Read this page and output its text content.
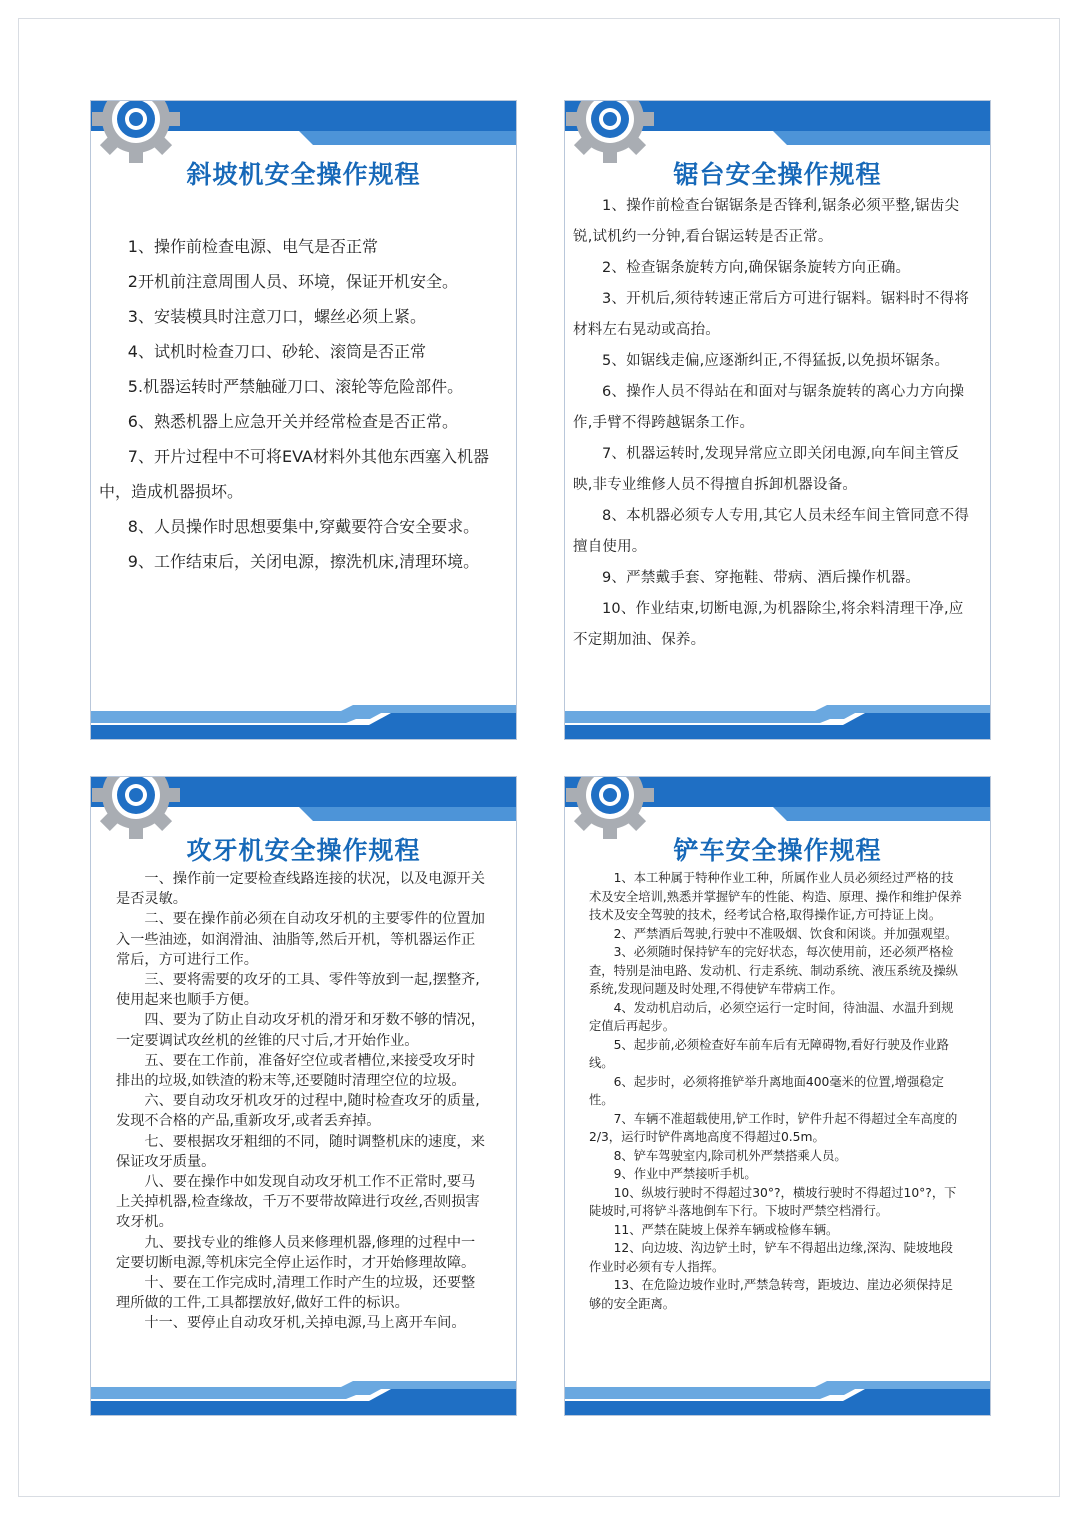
斜坡机安全操作规程
1、操作前检查电源、电气是否正常
2开机前注意周围人员、环境，保证开机安全。
3、安装模具时注意刀口，螺丝必须上紧。
4、试机时检查刀口、砂轮、滚筒是否正常
5.机器运转时严禁触碰刀口、滚轮等危险部件。
6、熟悉机器上应急开关并经常检查是否正常。
7、开片过程中不可将EVA材料外其他东西塞入机器中，造成机器损坏。
8、人员操作时思想要集中,穿戴要符合安全要求。
9、工作结束后，关闭电源，擦洗机床,清理环境。
锯台安全操作规程
1、操作前检查台锯锯条是否锋利,锯条必须平整,锯齿尖锐,试机约一分钟,看台锯运转是否正常。
2、检查锯条旋转方向,确保锯条旋转方向正确。
3、开机后,须待转速正常后方可进行锯料。锯料时不得将材料左右晃动或高抬。
5、如锯线走偏,应逐渐纠正,不得猛扳,以免损坏锯条。
6、操作人员不得站在和面对与锯条旋转的离心力方向操作,手臂不得跨越锯条工作。
7、机器运转时,发现异常应立即关闭电源,向车间主管反映,非专业维修人员不得擅自拆卸机器设备。
8、本机器必须专人专用,其它人员未经车间主管同意不得擅自使用。
9、严禁戴手套、穿拖鞋、带病、酒后操作机器。
10、作业结束,切断电源,为机器除尘,将余料清理干净,应不定期加油、保养。
攻牙机安全操作规程
一、操作前一定要检查线路连接的状况，以及电源开关是否灵敏。
二、要在操作前必须在自动攻牙机的主要零件的位置加入一些油迹，如润滑油、油脂等,然后开机，等机器运作正常后，方可进行工作。
三、要将需要的攻牙的工具、零件等放到一起,摆整齐,使用起来也顺手方便。
四、要为了防止自动攻牙机的滑牙和牙数不够的情况，一定要调试攻丝机的丝锥的尺寸后,才开始作业。
五、要在工作前，准备好空位或者槽位,来接受攻牙时排出的垃圾,如铁渣的粉末等,还要随时清理空位的垃圾。
六、要自动攻牙机攻牙的过程中,随时检查攻牙的质量,发现不合格的产品,重新攻牙,或者丢弃掉。
七、要根据攻牙粗细的不同，随时调整机床的速度，来保证攻牙质量。
八、要在操作中如发现自动攻牙机工作不正常时,要马上关掉机器,检查缘故，千万不要带故障进行攻丝,否则损害攻牙机。
九、要找专业的维修人员来修理机器,修理的过程中一定要切断电源,等机床完全停止运作时，才开始修理故障。
十、要在工作完成时,清理工作时产生的垃圾，还要整理所做的工件,工具都摆放好,做好工件的标识。
十一、要停止自动攻牙机,关掉电源,马上离开车间。
铲车安全操作规程
1、本工种属于特种作业工种，所属作业人员必须经过严格的技术及安全培训,熟悉并掌握铲车的性能、构造、原理、操作和维护保养技术及安全驾驶的技术，经考试合格,取得操作证,方可持证上岗。
2、严禁酒后驾驶,行驶中不准吸烟、饮食和闲谈。并加强观望。
3、必须随时保持铲车的完好状态，每次使用前，还必须严格检查，特别是油电路、发动机、行走系统、制动系统、液压系统及操纵系统,发现问题及时处理,不得使铲车带病工作。
4、发动机启动后，必须空运行一定时间，待油温、水温升到规定值后再起步。
5、起步前,必须检查好车前车后有无障碍物,看好行驶及作业路线。
6、起步时，必须将推铲举升离地面400毫米的位置,增强稳定性。
7、车辆不准超载使用,铲工作时，铲件升起不得超过全车高度的2/3，运行时铲件离地高度不得超过0.5m。
8、铲车驾驶室内,除司机外严禁搭乘人员。
9、作业中严禁接听手机。
10、纵坡行驶时不得超过30°?，横坡行驶时不得超过10°?，下陡坡时,可将铲斗落地倒车下行。下坡时严禁空档滑行。
11、严禁在陡坡上保养车辆或检修车辆。
12、向边坡、沟边铲土时，铲车不得超出边缘,深沟、陡坡地段作业时必须有专人指挥。
13、在危险边坡作业时,严禁急转弯，距坡边、崖边必须保持足够的安全距离。
